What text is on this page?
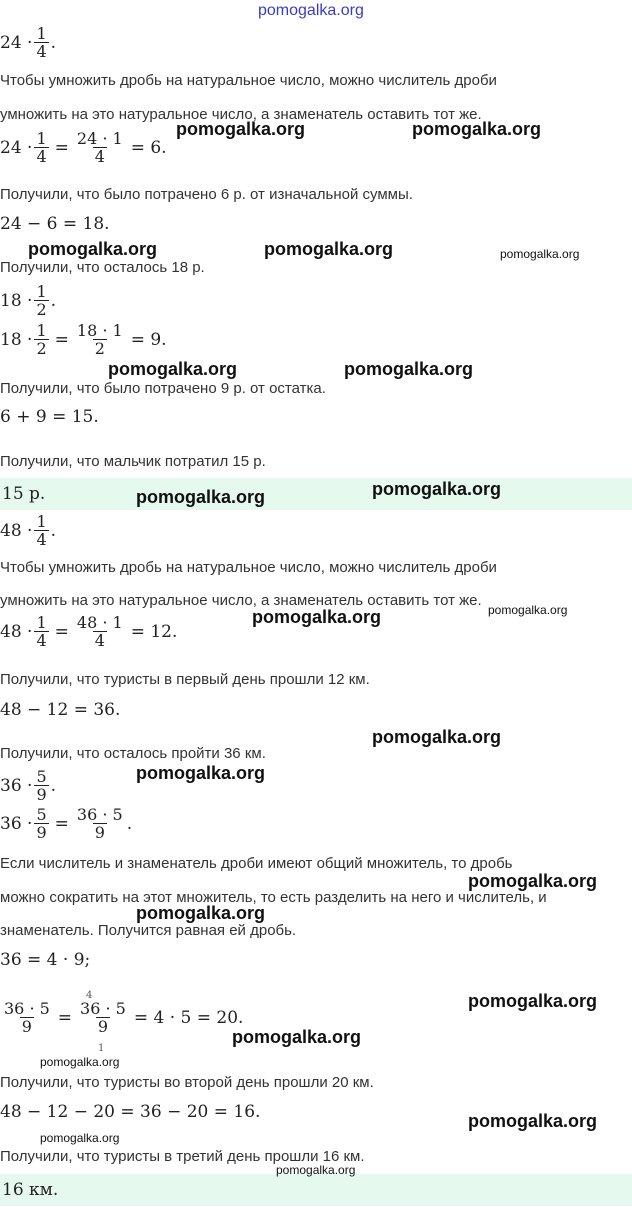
pomogalka.org
$24 \cdot \frac{1}{4}$ .
Чтобы умножить дробь на натуральное число, можно числитель дроби
умножить на это натуральное число, а знаменатель оставить тот же.
$24 \cdot \frac{1}{4} = \frac{24 \cdot 1}{4} = 6$.
Получили, что было потрачено 6 р. от изначальной суммы.
24 − 6 = 18.
Получили, что осталось 18 р.
$18 \cdot \frac{1}{2}$ .
$18 \cdot \frac{1}{2} = \frac{18 \cdot 1}{2} = 9$.
Получили, что было потрачено 9 р. от остатка.
6 + 9 = 15.
Получили, что мальчик потратил 15 р.
15 р.
$48 \cdot \frac{1}{4}$ .
Чтобы умножить дробь на натуральное число, можно числитель дроби
умножить на это натуральное число, а знаменатель оставить тот же.
$48 \cdot \frac{1}{4} = \frac{48 \cdot 1}{4} = 12$.
Получили, что туристы в первый день прошли 12 км.
48 − 12 = 36.
Получили, что осталось пройти 36 км.
$36 \cdot \frac{5}{9}$ .
$36 \cdot \frac{5}{9} = \frac{36 \cdot 5}{9}$ .
Если числитель и знаменатель дроби имеют общий множитель, то дробь
можно сократить на этот множитель, то есть разделить на него и числитель, и
знаменатель. Получится равная ей дробь.
36 = 4 · 9;
$\frac{36 \cdot 5}{9} = 36 \cdot 5$
9
4
1
= 4 · 5 = 20.
Получили, что туристы во второй день прошли 20 км.
48 − 12 − 20 = 36 − 20 = 16.
Получили, что туристы в третий день прошли 16 км.
16 км.
pomogalka.org	pomogalka.org
pomogalka.org	pomogalka.org	pomogalka.org
pomogalka.org	pomogalka.org
pomogalka.org	pomogalka.org
pomogalka.org
pomogalka.org
pomogalka.org
pomogalka.org
pomogalka.org
pomogalka.org
pomogalka.org
pomogalka.org
pomogalka.org
pomogalka.org
pomogalka.org
pomogalka.org
